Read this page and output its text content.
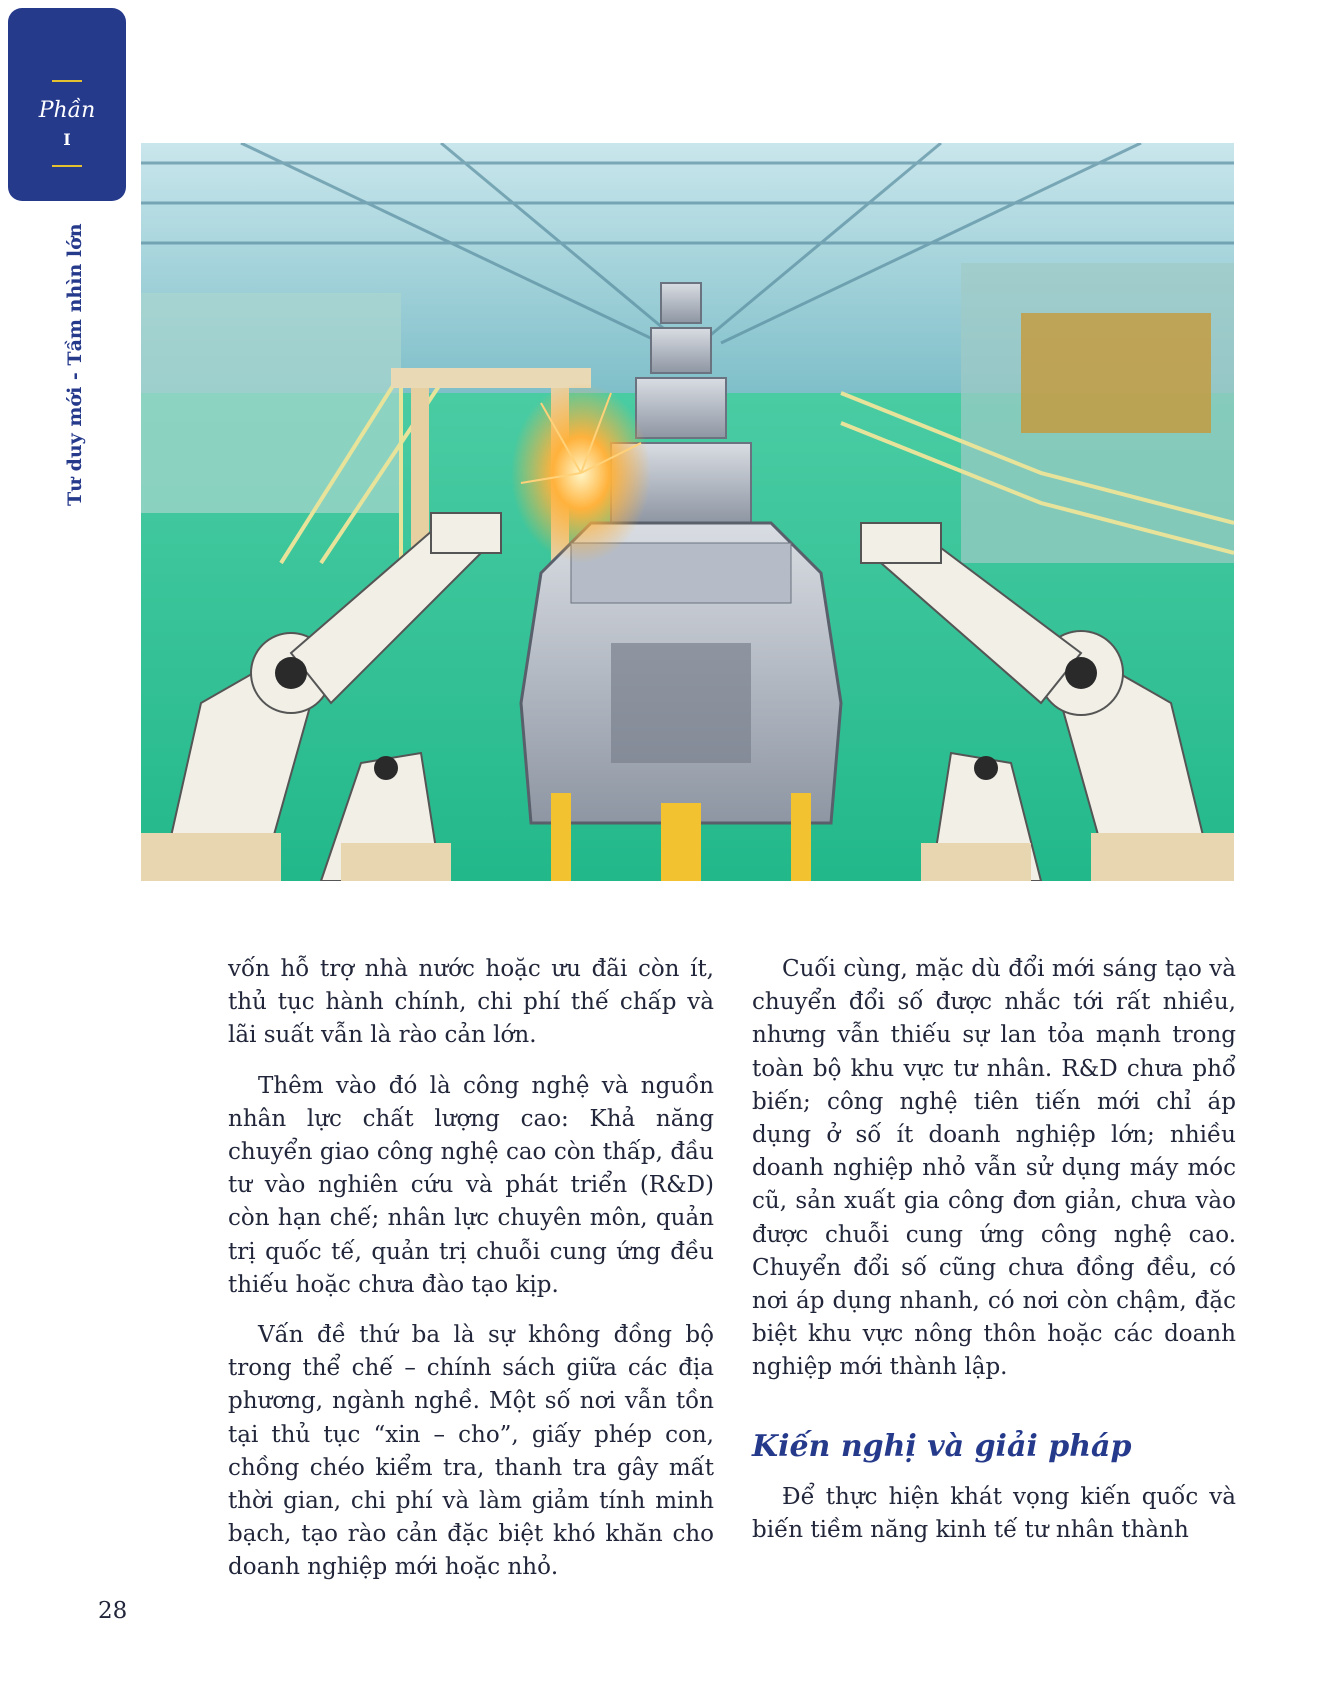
Phần
I
Tư duy mới - Tầm nhìn lớn

vốn hỗ trợ nhà nước hoặc ưu đãi còn ít, thủ tục hành chính, chi phí thế chấp và lãi suất vẫn là rào cản lớn.

Thêm vào đó là công nghệ và nguồn nhân lực chất lượng cao: Khả năng chuyển giao công nghệ cao còn thấp, đầu tư vào nghiên cứu và phát triển (R&D) còn hạn chế; nhân lực chuyên môn, quản trị quốc tế, quản trị chuỗi cung ứng đều thiếu hoặc chưa đào tạo kịp.

Vấn đề thứ ba là sự không đồng bộ trong thể chế – chính sách giữa các địa phương, ngành nghề. Một số nơi vẫn tồn tại thủ tục “xin – cho”, giấy phép con, chồng chéo kiểm tra, thanh tra gây mất thời gian, chi phí và làm giảm tính minh bạch, tạo rào cản đặc biệt khó khăn cho doanh nghiệp mới hoặc nhỏ.

Cuối cùng, mặc dù đổi mới sáng tạo và chuyển đổi số được nhắc tới rất nhiều, nhưng vẫn thiếu sự lan tỏa mạnh trong toàn bộ khu vực tư nhân. R&D chưa phổ biến; công nghệ tiên tiến mới chỉ áp dụng ở số ít doanh nghiệp lớn; nhiều doanh nghiệp nhỏ vẫn sử dụng máy móc cũ, sản xuất gia công đơn giản, chưa vào được chuỗi cung ứng công nghệ cao. Chuyển đổi số cũng chưa đồng đều, có nơi áp dụng nhanh, có nơi còn chậm, đặc biệt khu vực nông thôn hoặc các doanh nghiệp mới thành lập.

Kiến nghị và giải pháp

Để thực hiện khát vọng kiến quốc và biến tiềm năng kinh tế tư nhân thành

28
